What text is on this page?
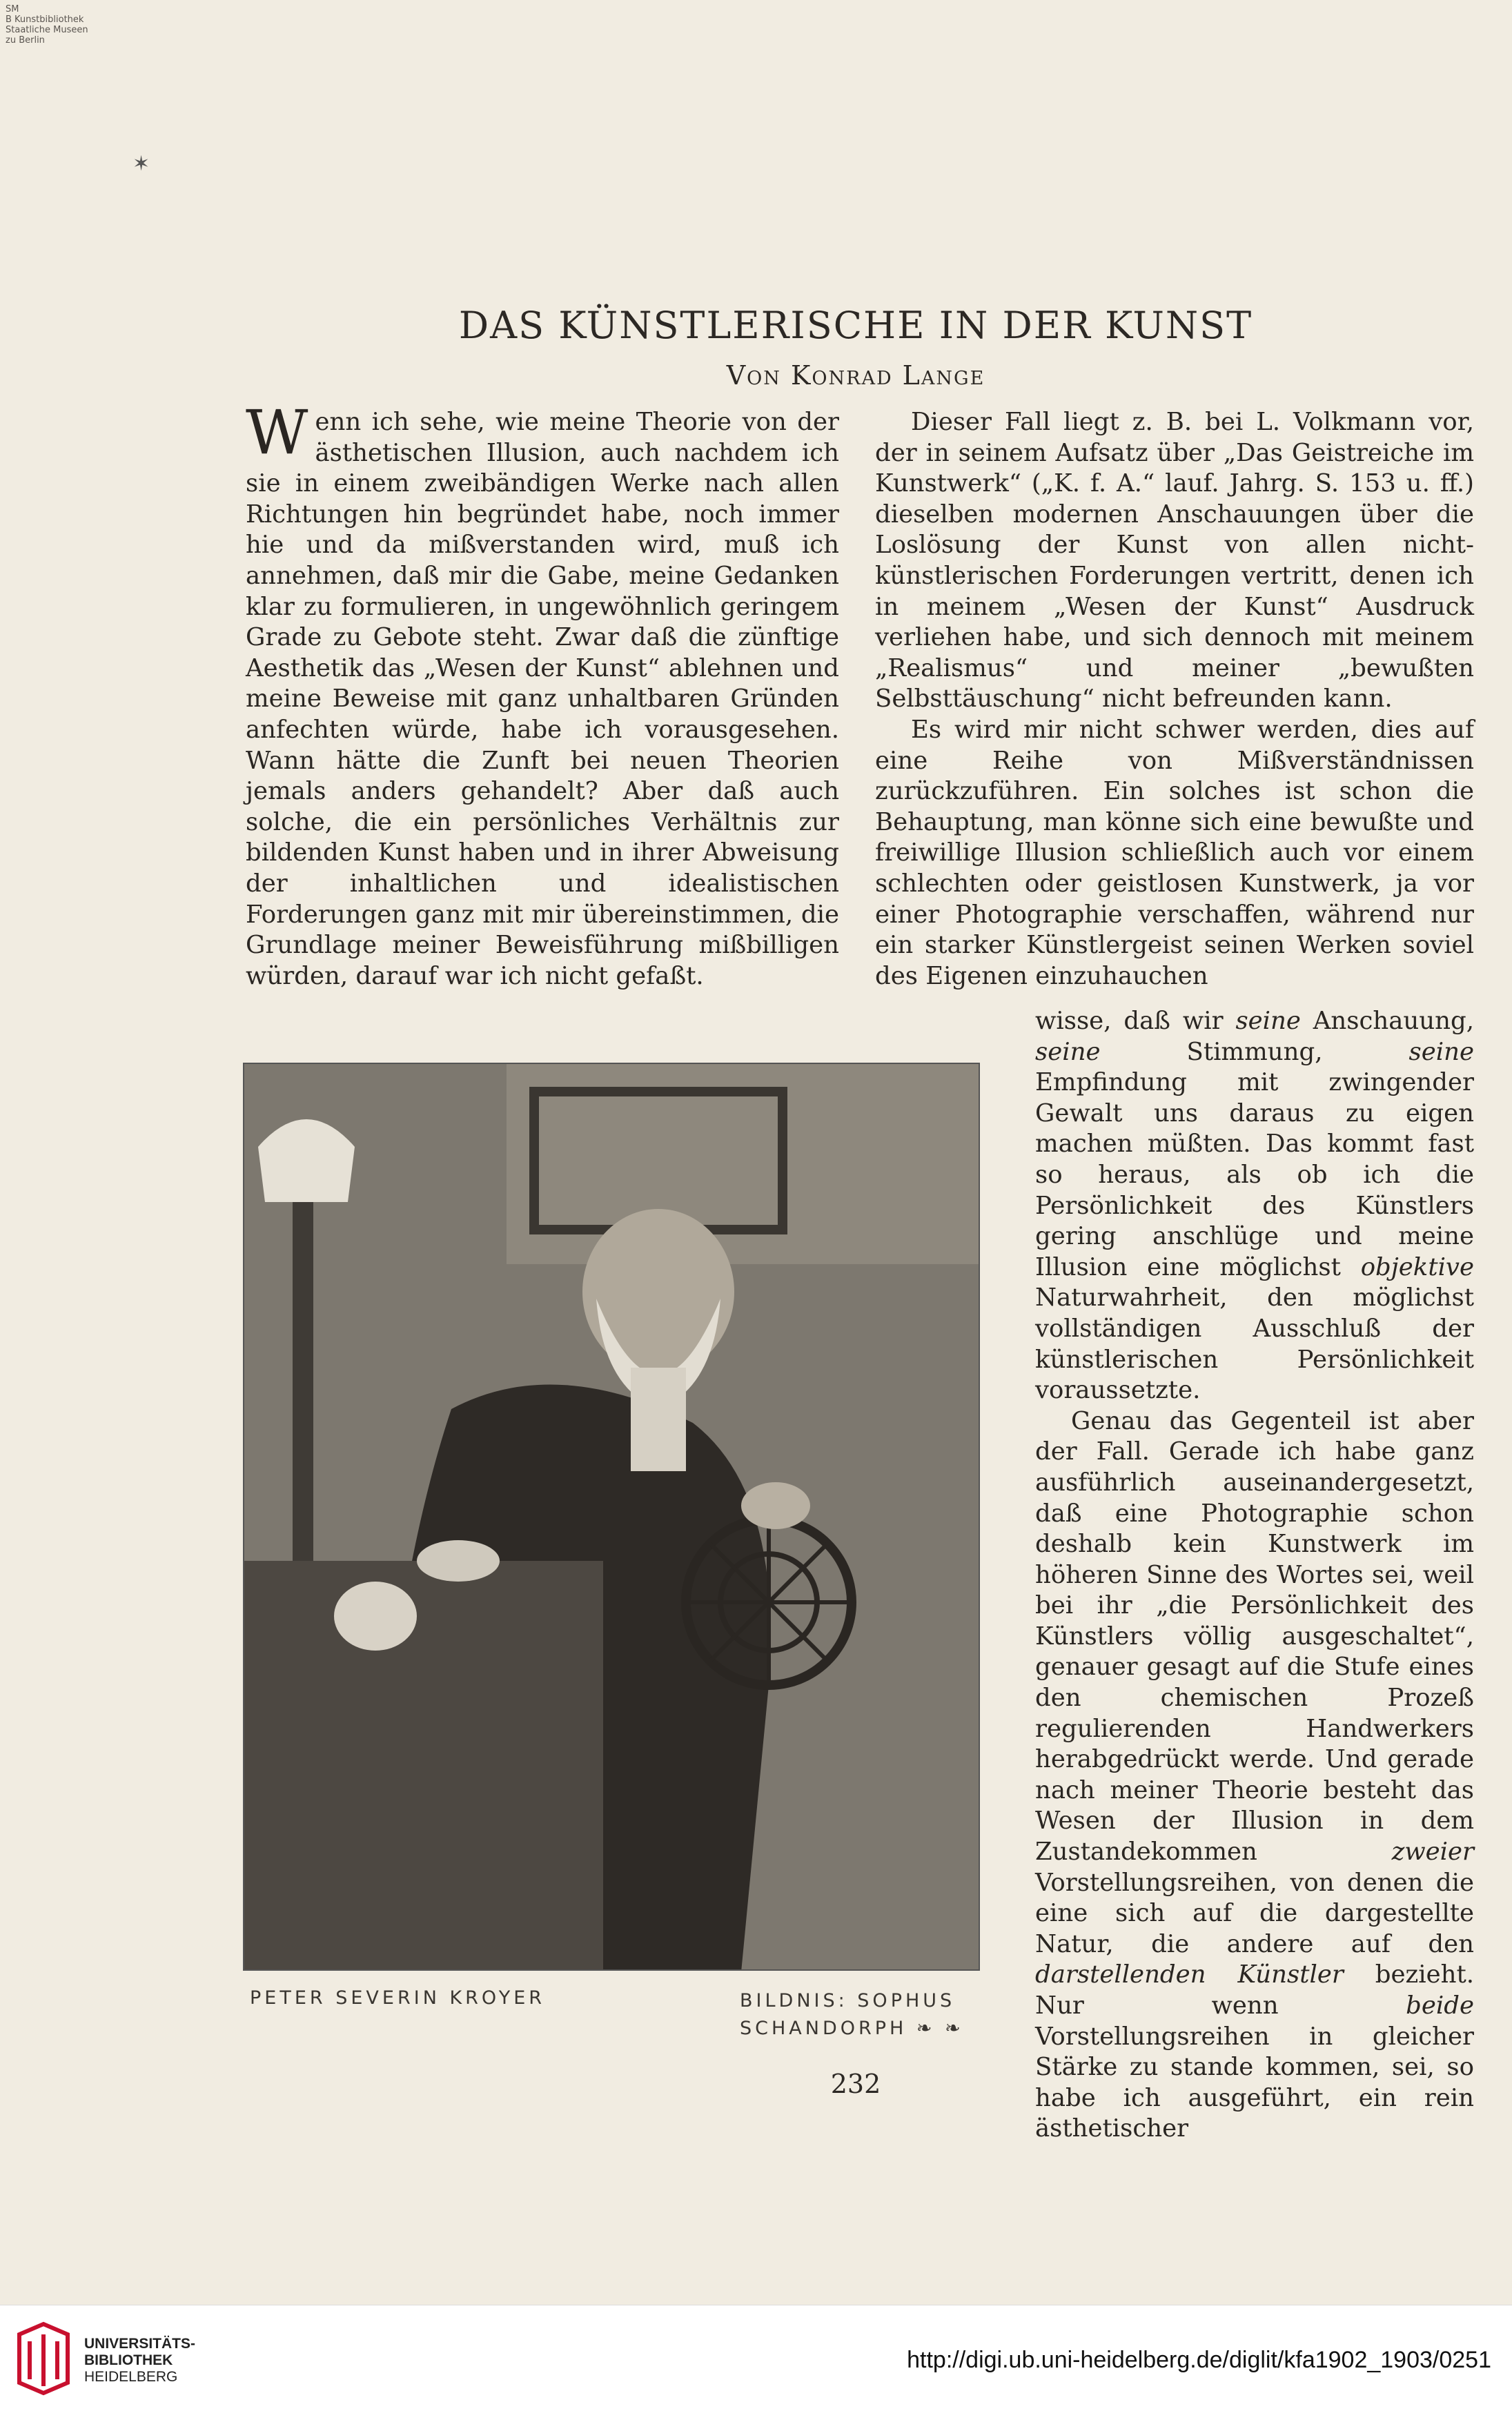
SM
B Kunstbibliothek
Staatliche Museen
zu Berlin
✶
DAS KÜNSTLERISCHE IN DER KUNST
Von Konrad Lange

Wenn ich sehe, wie meine Theorie von der ästhetischen Illusion, auch nachdem ich sie in einem zweibändigen Werke nach allen Richtungen hin begründet habe, noch immer hie und da mißverstanden wird, muß ich annehmen, daß mir die Gabe, meine Gedanken klar zu formulieren, in ungewöhnlich geringem Grade zu Gebote steht. Zwar daß die zünftige Aesthetik das „Wesen der Kunst“ ablehnen und meine Beweise mit ganz unhaltbaren Gründen anfechten würde, habe ich vorausgesehen. Wann hätte die Zunft bei neuen Theorien jemals anders gehandelt? Aber daß auch solche, die ein persönliches Verhältnis zur bildenden Kunst haben und in ihrer Abweisung der inhaltlichen und idealistischen Forderungen ganz mit mir übereinstimmen, die Grundlage meiner Beweisführung mißbilligen würden, darauf war ich nicht gefaßt.

Dieser Fall liegt z. B. bei L. Volkmann vor, der in seinem Aufsatz über „Das Geistreiche im Kunstwerk“ („K. f. A.“ lauf. Jahrg. S. 153 u. ff.) dieselben modernen Anschauungen über die Loslösung der Kunst von allen nicht-künstlerischen Forderungen vertritt, denen ich in meinem „Wesen der Kunst“ Ausdruck verliehen habe, und sich dennoch mit meinem „Realismus“ und meiner „bewußten Selbsttäuschung“ nicht befreunden kann.

Es wird mir nicht schwer werden, dies auf eine Reihe von Mißverständnissen zurückzuführen. Ein solches ist schon die Behauptung, man könne sich eine bewußte und freiwillige Illusion schließlich auch vor einem schlechten oder geistlosen Kunstwerk, ja vor einer Photographie verschaffen, während nur ein starker Künstlergeist seinen Werken soviel des Eigenen einzuhauchen

wisse, daß wir seine Anschauung, seine Stimmung, seine Empfindung mit zwingender Gewalt uns daraus zu eigen machen müßten. Das kommt fast so heraus, als ob ich die Persönlichkeit des Künstlers gering anschlüge und meine Illusion eine möglichst objektive Naturwahrheit, den möglichst vollständigen Ausschluß der künstlerischen Persönlichkeit voraussetzte.

Genau das Gegenteil ist aber der Fall. Gerade ich habe ganz ausführlich auseinandergesetzt, daß eine Photographie schon deshalb kein Kunstwerk im höheren Sinne des Wortes sei, weil bei ihr „die Persönlichkeit des Künstlers völlig ausgeschaltet“, genauer gesagt auf die Stufe eines den chemischen Prozeß regulierenden Handwerkers herabgedrückt werde. Und gerade nach meiner Theorie besteht das Wesen der Illusion in dem Zustandekommen zweier Vorstellungsreihen, von denen die eine sich auf die dargestellte Natur, die andere auf den darstellenden Künstler bezieht. Nur wenn beide Vorstellungsreihen in gleicher Stärke zu stande kommen, sei, so habe ich ausgeführt, ein rein ästhetischer

PETER SEVERIN KROYER	BILDNIS: SOPHUS
SCHANDORPH ❧ ❧
232
UNIVERSITÄTS-
BIBLIOTHEK
HEIDELBERG
http://digi.ub.uni-heidelberg.de/diglit/kfa1902_1903/0251
